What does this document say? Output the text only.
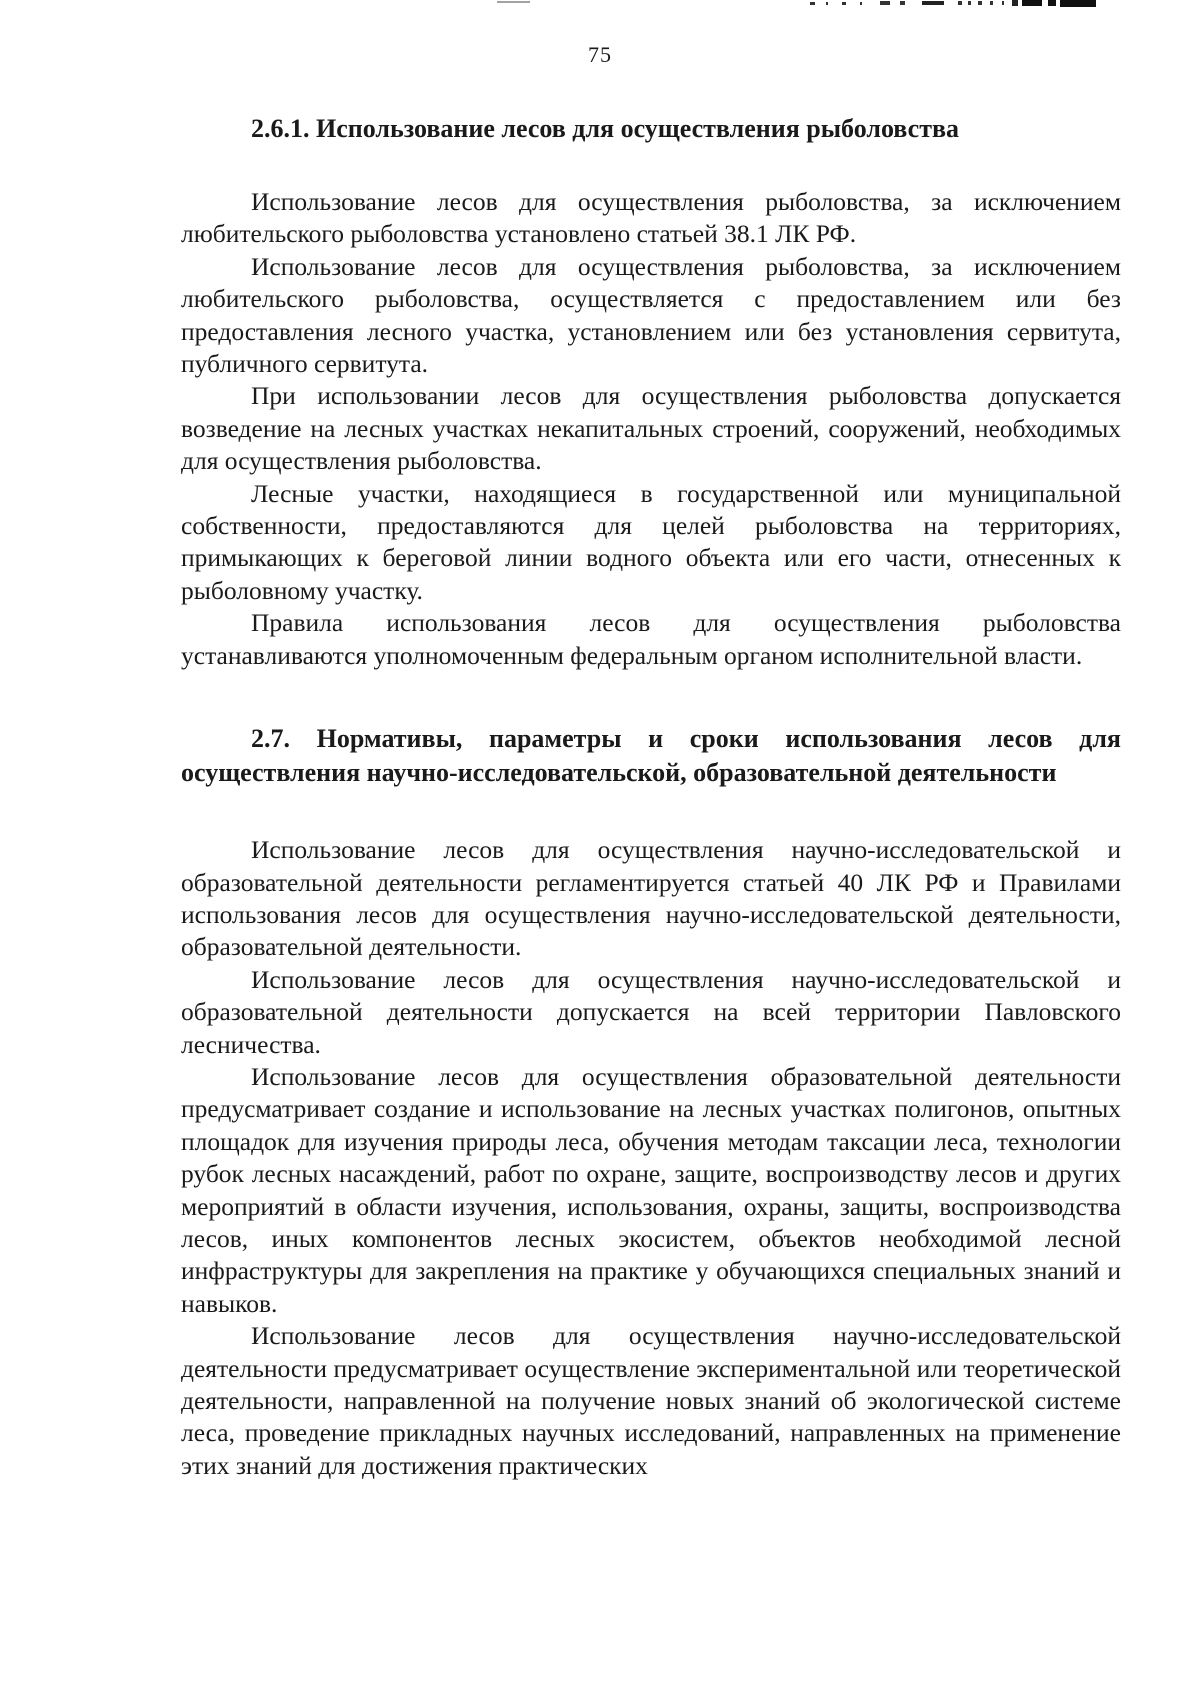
75
2.6.1. Использование лесов для осуществления рыболовства

Использование лесов для осуществления рыболовства, за исключением любительского рыболовства установлено статьей 38.1 ЛК РФ.

Использование лесов для осуществления рыболовства, за исключением любительского рыболовства, осуществляется с предоставлением или без предоставления лесного участка, установлением или без установления сервитута, публичного сервитута.

При использовании лесов для осуществления рыболовства допускается возведение на лесных участках некапитальных строений, сооружений, необходимых для осуществления рыболовства.

Лесные участки, находящиеся в государственной или муниципальной собственности, предоставляются для целей рыболовства на территориях, примыкающих к береговой линии водного объекта или его части, отнесенных к рыболовному участку.

Правила использования лесов для осуществления рыболовства устанавливаются уполномоченным федеральным органом исполнительной власти.

2.7. Нормативы, параметры и сроки использования лесов для осуществления научно-исследовательской, образовательной деятельности

Использование лесов для осуществления научно-исследовательской и образовательной деятельности регламентируется статьей 40 ЛК РФ и Правилами использования лесов для осуществления научно-исследовательской деятельности, образовательной деятельности.

Использование лесов для осуществления научно-исследовательской и образовательной деятельности допускается на всей территории Павловского лесничества.

Использование лесов для осуществления образовательной деятельности предусматривает создание и использование на лесных участках полигонов, опытных площадок для изучения природы леса, обучения методам таксации леса, технологии рубок лесных насаждений, работ по охране, защите, воспроизводству лесов и других мероприятий в области изучения, использования, охраны, защиты, воспроизводства лесов, иных компонентов лесных экосистем, объектов необходимой лесной инфраструктуры для закрепления на практике у обучающихся специальных знаний и навыков.

Использование лесов для осуществления научно-исследовательской деятельности предусматривает осуществление экспериментальной или теоретической деятельности, направленной на получение новых знаний об экологической системе леса, проведение прикладных научных исследований, направленных на применение этих знаний для достижения практических
